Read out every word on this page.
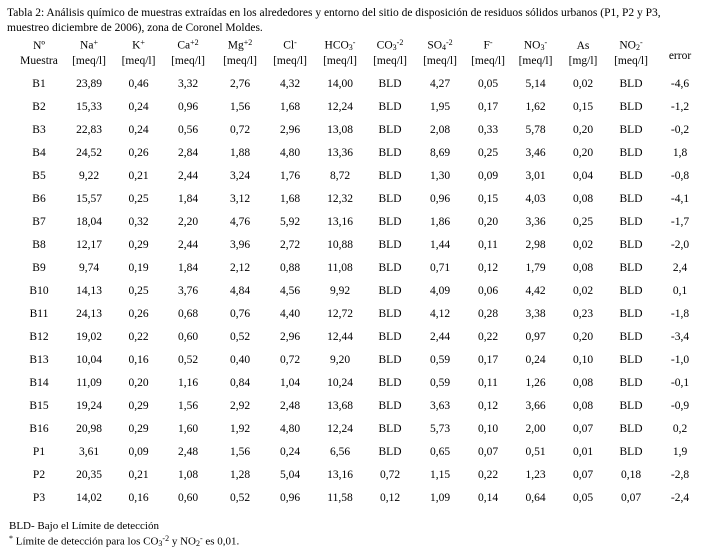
Tabla 2: Análisis químico de muestras extraídas en los alrededores y entorno del sitio de disposición de residuos sólidos urbanos (P1, P2 y P3, muestreo diciembre de 2006), zona de Coronel Moldes.
Nº	Na+	K+	$Ca^{+2}$	$Mg^{+2}$	Cl-	$HCO_3^-$	$CO_3^{-2}$	$SO_4^{-2}$	F-	$NO_3^-$	As	$NO_2^-$	error
Muestra	[meq/l]	[meq/l]	[meq/l]	[meq/l]	[meq/l]	[meq/l]	[meq/l]	[meq/l]	[meq/l]	[meq/l]	[mg/l]	[meq/l]	

B1	23,89	0,46	3,32	2,76	4,32	14,00	BLD	4,27	0,05	5,14	0,02	BLD	-4,6
B2	15,33	0,24	0,96	1,56	1,68	12,24	BLD	1,95	0,17	1,62	0,15	BLD	-1,2
B3	22,83	0,24	0,56	0,72	2,96	13,08	BLD	2,08	0,33	5,78	0,20	BLD	-0,2
B4	24,52	0,26	2,84	1,88	4,80	13,36	BLD	8,69	0,25	3,46	0,20	BLD	1,8
B5	9,22	0,21	2,44	3,24	1,76	8,72	BLD	1,30	0,09	3,01	0,04	BLD	-0,8
B6	15,57	0,25	1,84	3,12	1,68	12,32	BLD	0,96	0,15	4,03	0,08	BLD	-4,1
B7	18,04	0,32	2,20	4,76	5,92	13,16	BLD	1,86	0,20	3,36	0,25	BLD	-1,7
B8	12,17	0,29	2,44	3,96	2,72	10,88	BLD	1,44	0,11	2,98	0,02	BLD	-2,0
B9	9,74	0,19	1,84	2,12	0,88	11,08	BLD	0,71	0,12	1,79	0,08	BLD	2,4
B10	14,13	0,25	3,76	4,84	4,56	9,92	BLD	4,09	0,06	4,42	0,02	BLD	0,1
B11	24,13	0,26	0,68	0,76	4,40	12,72	BLD	4,12	0,28	3,38	0,23	BLD	-1,8
B12	19,02	0,22	0,60	0,52	2,96	12,44	BLD	2,44	0,22	0,97	0,20	BLD	-3,4
B13	10,04	0,16	0,52	0,40	0,72	9,20	BLD	0,59	0,17	0,24	0,10	BLD	-1,0
B14	11,09	0,20	1,16	0,84	1,04	10,24	BLD	0,59	0,11	1,26	0,08	BLD	-0,1
B15	19,24	0,29	1,56	2,92	2,48	13,68	BLD	3,63	0,12	3,66	0,08	BLD	-0,9
B16	20,98	0,29	1,60	1,92	4,80	12,24	BLD	5,73	0,10	2,00	0,07	BLD	0,2
P1	3,61	0,09	2,48	1,56	0,24	6,56	BLD	0,65	0,07	0,51	0,01	BLD	1,9
P2	20,35	0,21	1,08	1,28	5,04	13,16	0,72	1,15	0,22	1,23	0,07	0,18	-2,8
P3	14,02	0,16	0,60	0,52	0,96	11,58	0,12	1,09	0,14	0,64	0,05	0,07	-2,4

BLD- Bajo el Límite de detección
* Límite de detección para los $CO_3^{-2}$ y $NO_2^-$ es 0,01.
